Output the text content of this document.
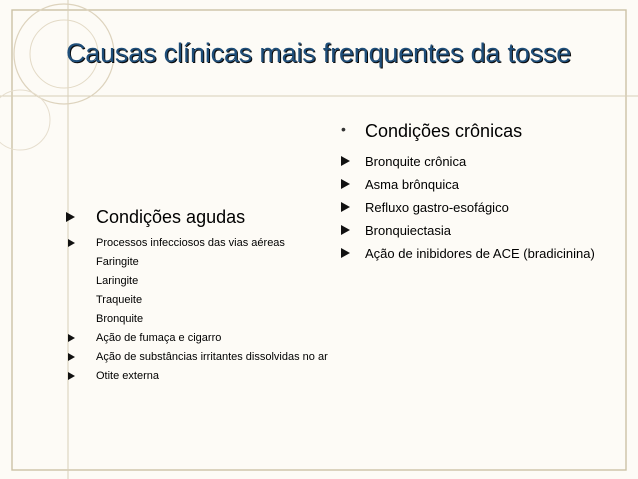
Causas clínicas mais frenquentes da tosse
• Condições crônicas
Bronquite crônica
Asma brônquica
Refluxo gastro-esofágico
Bronquiectasia
Ação de inibidores de ACE (bradicinina)
Condições agudas
Processos infecciosos das vias aéreas
Faringite
Laringite
Traqueite
Bronquite
Ação de fumaça e cigarro
Ação de substâncias irritantes dissolvidas no ar
Otite externa
